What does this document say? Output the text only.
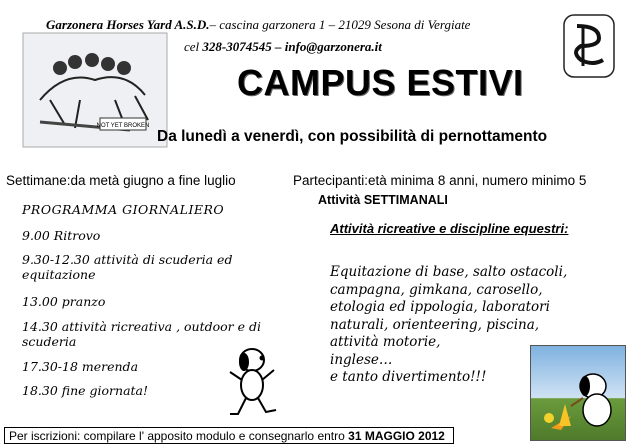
NOT YET BROKEN
Garzonera Horses Yard A.S.D.– cascina garzonera 1 – 21029 Sesona di Vergiate
cel 328-3074545 – info@garzonera.it
CAMPUS ESTIVI
Da lunedì a venerdì, con possibilità di pernottamento
Settimane:da metà giugno a fine luglio	Partecipanti:età minima 8 anni, numero minimo 5
PROGRAMMA GIORNALIERO
9.00 Ritrovo
9.30-12.30 attività di scuderia ed equitazione
13.00 pranzo
14.30 attività ricreativa , outdoor e di scuderia
17.30-18 merenda
18.30 fine giornata!
Attività SETTIMANALI
Attività ricreative e discipline equestri:
Equitazione di base, salto ostacoli,
campagna, gimkana, carosello,
etologia ed ippologia, laboratori
naturali, orienteering, piscina,
attività motorie,
inglese…
e tanto divertimento!!!
Per iscrizioni: compilare l' apposito modulo e consegnarlo entro 31 MAGGIO 2012
